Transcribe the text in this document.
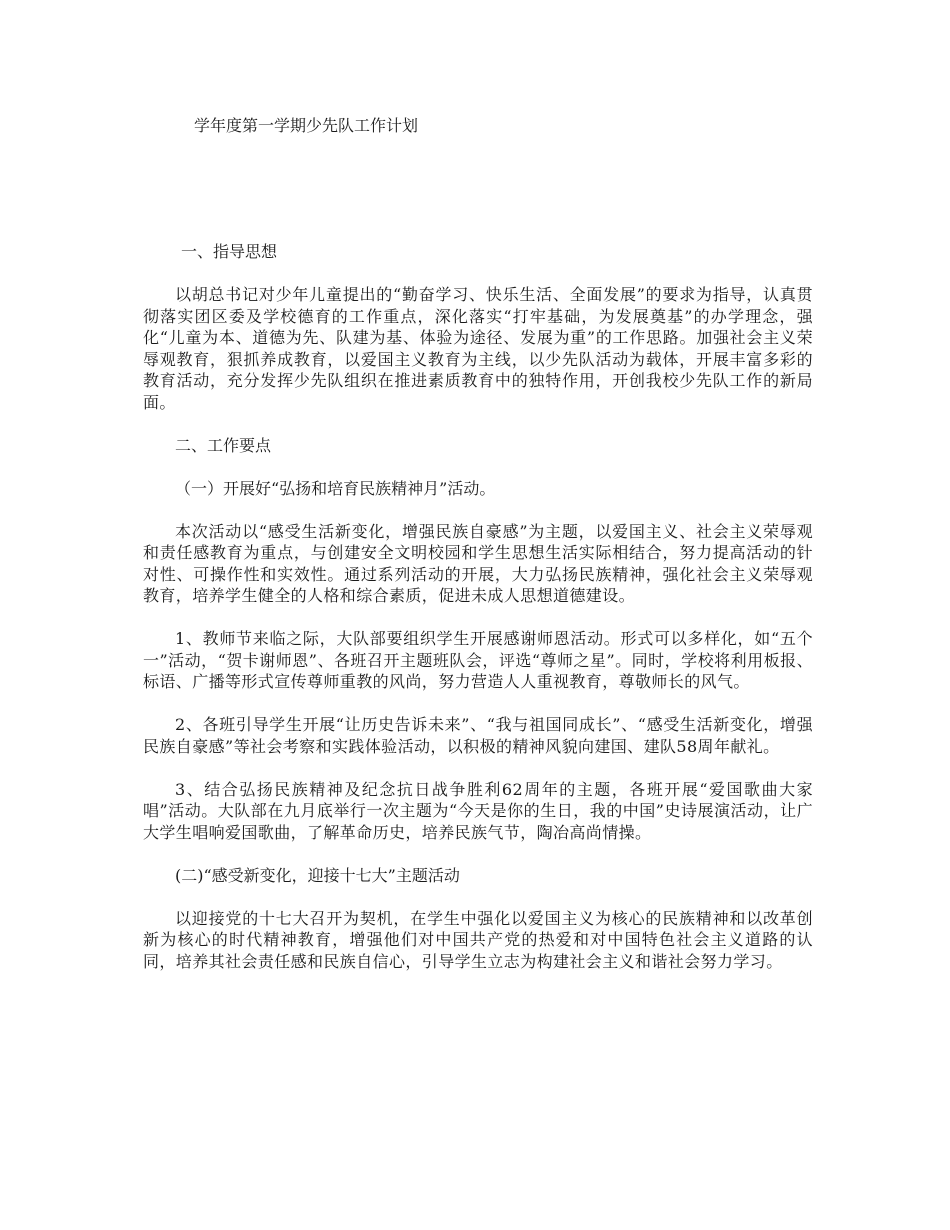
学年度第一学期少先队工作计划

一、指导思想

以胡总书记对少年儿童提出的“勤奋学习、快乐生活、全面发展”的要求为指导，认真贯彻落实团区委及学校德育的工作重点，深化落实“打牢基础，为发展奠基”的办学理念，强化“儿童为本、道德为先、队建为基、体验为途径、发展为重”的工作思路。加强社会主义荣辱观教育，狠抓养成教育，以爱国主义教育为主线，以少先队活动为载体，开展丰富多彩的教育活动，充分发挥少先队组织在推进素质教育中的独特作用，开创我校少先队工作的新局面。

二、工作要点

（一）开展好“弘扬和培育民族精神月”活动。

本次活动以“感受生活新变化，增强民族自豪感”为主题，以爱国主义、社会主义荣辱观和责任感教育为重点，与创建安全文明校园和学生思想生活实际相结合，努力提高活动的针对性、可操作性和实效性。通过系列活动的开展，大力弘扬民族精神，强化社会主义荣辱观教育，培养学生健全的人格和综合素质，促进未成人思想道德建设。

1、教师节来临之际，大队部要组织学生开展感谢师恩活动。形式可以多样化，如“五个一”活动，“贺卡谢师恩”、各班召开主题班队会，评选“尊师之星”。同时，学校将利用板报、标语、广播等形式宣传尊师重教的风尚，努力营造人人重视教育，尊敬师长的风气。

2、各班引导学生开展“让历史告诉未来”、“我与祖国同成长”、“感受生活新变化，增强民族自豪感”等社会考察和实践体验活动，以积极的精神风貌向建国、建队58周年献礼。

3、结合弘扬民族精神及纪念抗日战争胜利62周年的主题，各班开展“爱国歌曲大家唱”活动。大队部在九月底举行一次主题为“今天是你的生日，我的中国”史诗展演活动，让广大学生唱响爱国歌曲，了解革命历史，培养民族气节，陶冶高尚情操。

(二)“感受新变化，迎接十七大”主题活动

以迎接党的十七大召开为契机，在学生中强化以爱国主义为核心的民族精神和以改革创新为核心的时代精神教育，增强他们对中国共产党的热爱和对中国特色社会主义道路的认同，培养其社会责任感和民族自信心，引导学生立志为构建社会主义和谐社会努力学习。
